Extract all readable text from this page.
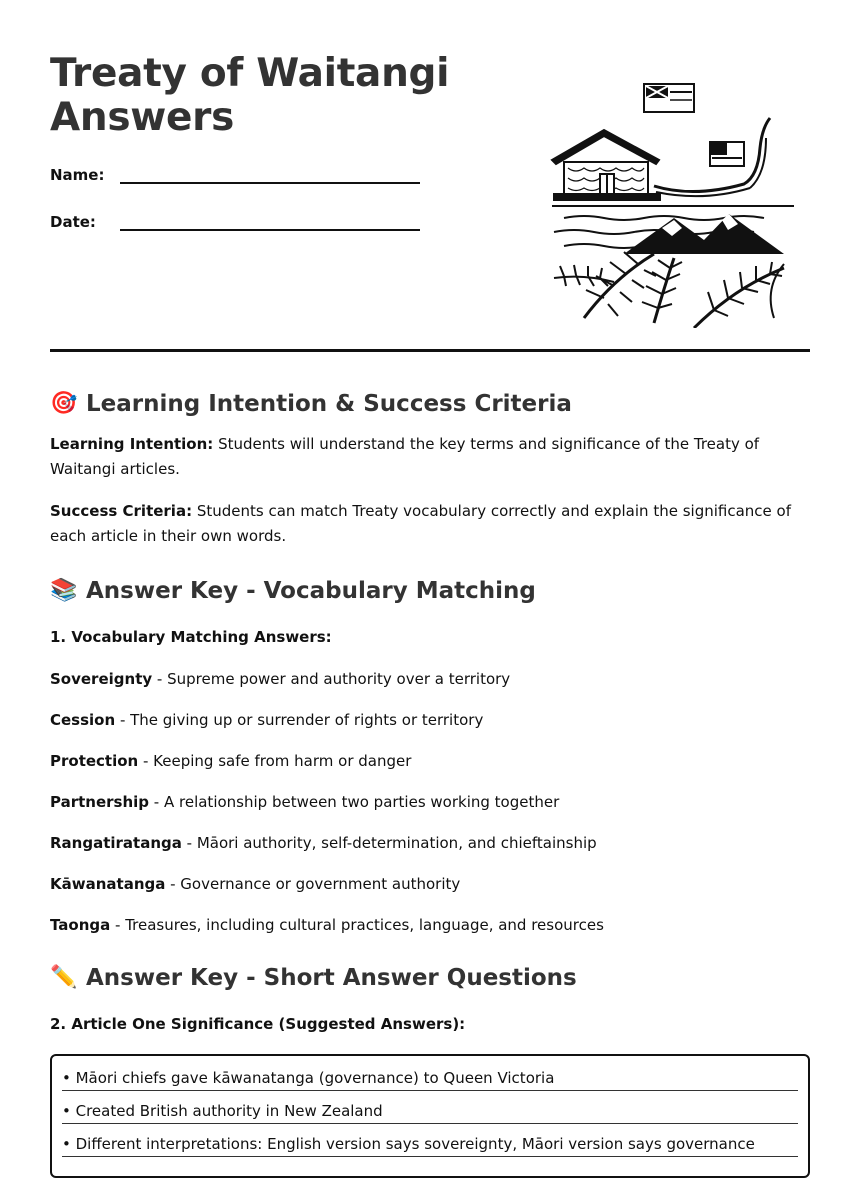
Treaty of Waitangi
Answers
Name:
Date:
🎯 Learning Intention & Success Criteria

Learning Intention: Students will understand the key terms and significance of the Treaty of Waitangi articles.

Success Criteria: Students can match Treaty vocabulary correctly and explain the significance of each article in their own words.

📚 Answer Key - Vocabulary Matching
1. Vocabulary Matching Answers:
Sovereignty - Supreme power and authority over a territory
Cession - The giving up or surrender of rights or territory
Protection - Keeping safe from harm or danger
Partnership - A relationship between two parties working together
Rangatiratanga - Māori authority, self-determination, and chieftainship
Kāwanatanga - Governance or government authority
Taonga - Treasures, including cultural practices, language, and resources
✏️ Answer Key - Short Answer Questions
2. Article One Significance (Suggested Answers):
• Māori chiefs gave kāwanatanga (governance) to Queen Victoria
• Created British authority in New Zealand
• Different interpretations: English version says sovereignty, Māori version says governance
